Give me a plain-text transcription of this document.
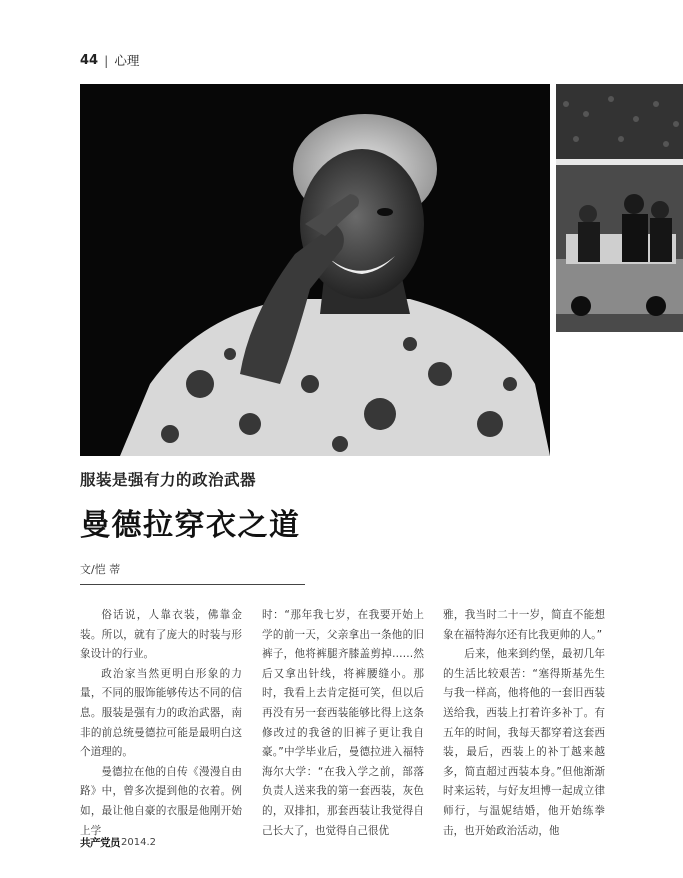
44 | 心理
服装是强有力的政治武器
曼德拉穿衣之道
文/恺 蒂

俗话说，人靠衣装，佛靠金装。所以，就有了庞大的时装与形象设计的行业。

政治家当然更明白形象的力量，不同的服饰能够传达不同的信息。服装是强有力的政治武器，南非的前总统曼德拉可能是最明白这个道理的。

曼德拉在他的自传《漫漫自由路》中，曾多次提到他的衣着。例如，最让他自豪的衣服是他刚开始上学

时：“那年我七岁，在我要开始上学的前一天，父亲拿出一条他的旧裤子，他将裤腿齐膝盖剪掉……然后又拿出针线，将裤腰缝小。那时，我看上去肯定挺可笑，但以后再没有另一套西装能够比得上这条修改过的我爸的旧裤子更让我自豪。”中学毕业后，曼德拉进入福特海尔大学：“在我入学之前，部落负责人送来我的第一套西装，灰色的，双排扣，那套西装让我觉得自己长大了，也觉得自己很优

雅，我当时二十一岁，简直不能想象在福特海尔还有比我更帅的人。”

后来，他来到约堡，最初几年的生活比较艰苦：“塞得斯基先生与我一样高，他将他的一套旧西装送给我，西装上打着许多补丁。有五年的时间，我每天都穿着这套西装，最后，西装上的补丁越来越多，简直超过西装本身。”但他渐渐时来运转，与好友坦博一起成立律师行，与温妮结婚，他开始练拳击，也开始政治活动，他

共产党员 2014.2
